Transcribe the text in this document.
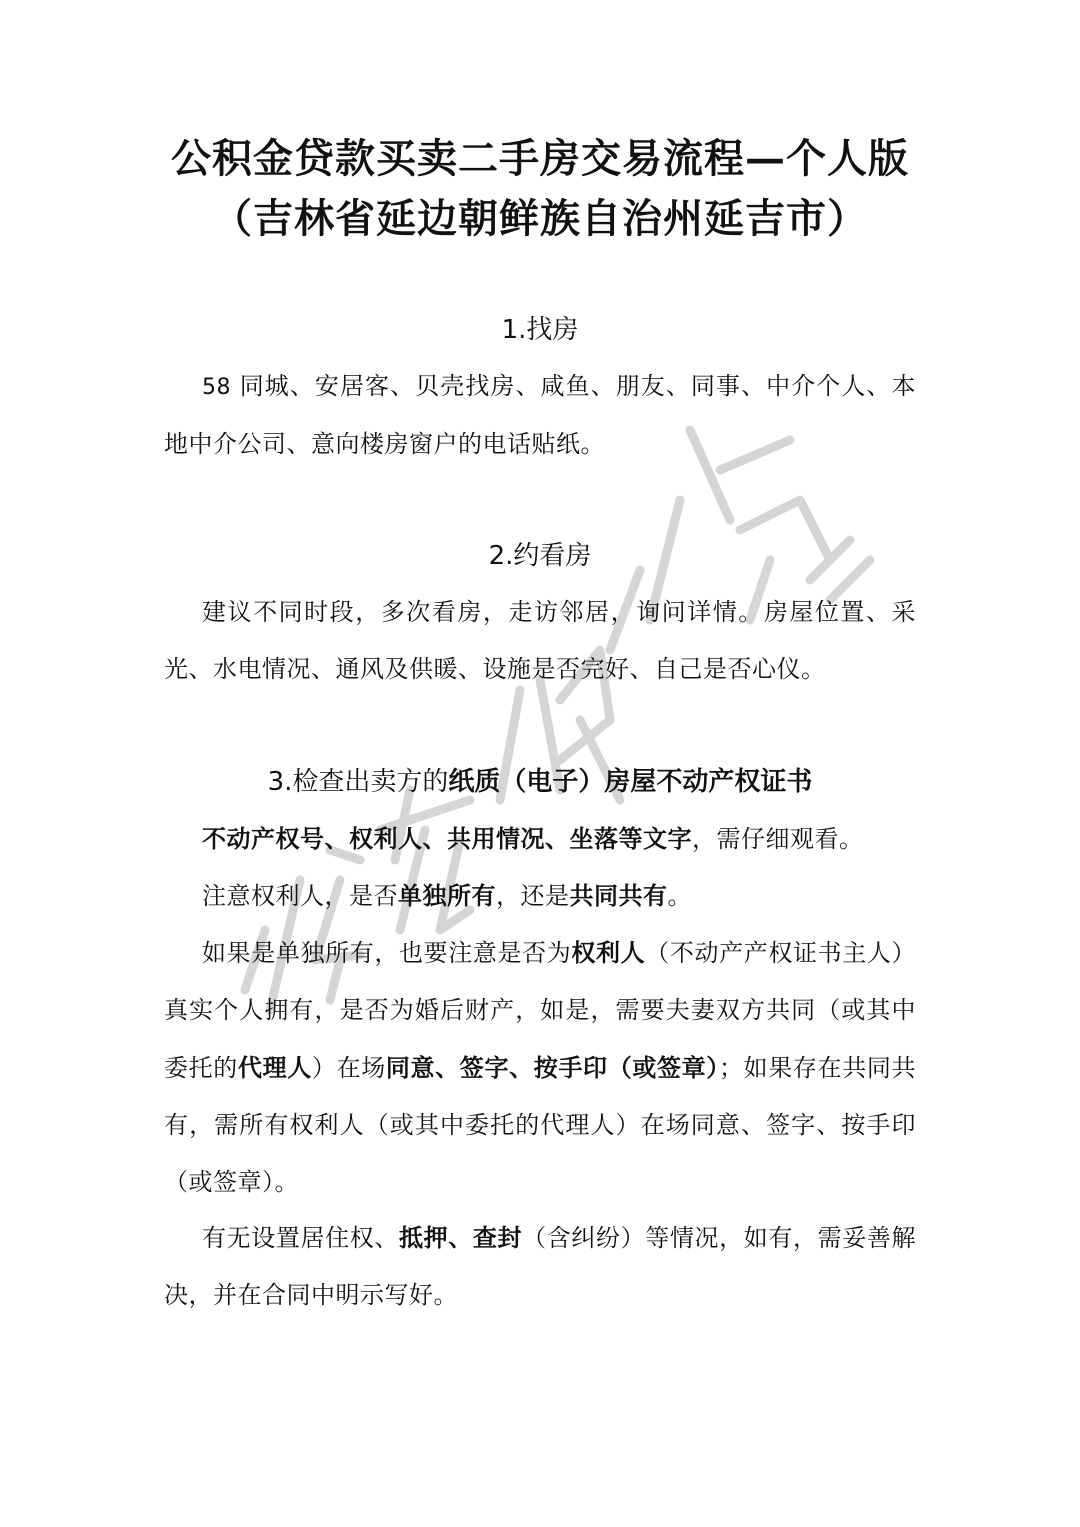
公积金贷款买卖二手房交易流程—个人版
（吉林省延边朝鲜族自治州延吉市）
1.找房
58 同城、安居客、贝壳找房、咸鱼、朋友、同事、中介个人、本地中介公司、意向楼房窗户的电话贴纸。
2.约看房
建议不同时段，多次看房，走访邻居，询问详情。房屋位置、采光、水电情况、通风及供暖、设施是否完好、自己是否心仪。
3.检查出卖方的纸质（电子）房屋不动产权证书
不动产权号、权利人、共用情况、坐落等文字，需仔细观看。
注意权利人，是否单独所有，还是共同共有。
如果是单独所有，也要注意是否为权利人（不动产产权证书主人）真实个人拥有，是否为婚后财产，如是，需要夫妻双方共同（或其中委托的代理人）在场同意、签字、按手印（或签章）；如果存在共同共有，需所有权利人（或其中委托的代理人）在场同意、签字、按手印（或签章）。
有无设置居住权、抵押、查封（含纠纷）等情况，如有，需妥善解决，并在合同中明示写好。
